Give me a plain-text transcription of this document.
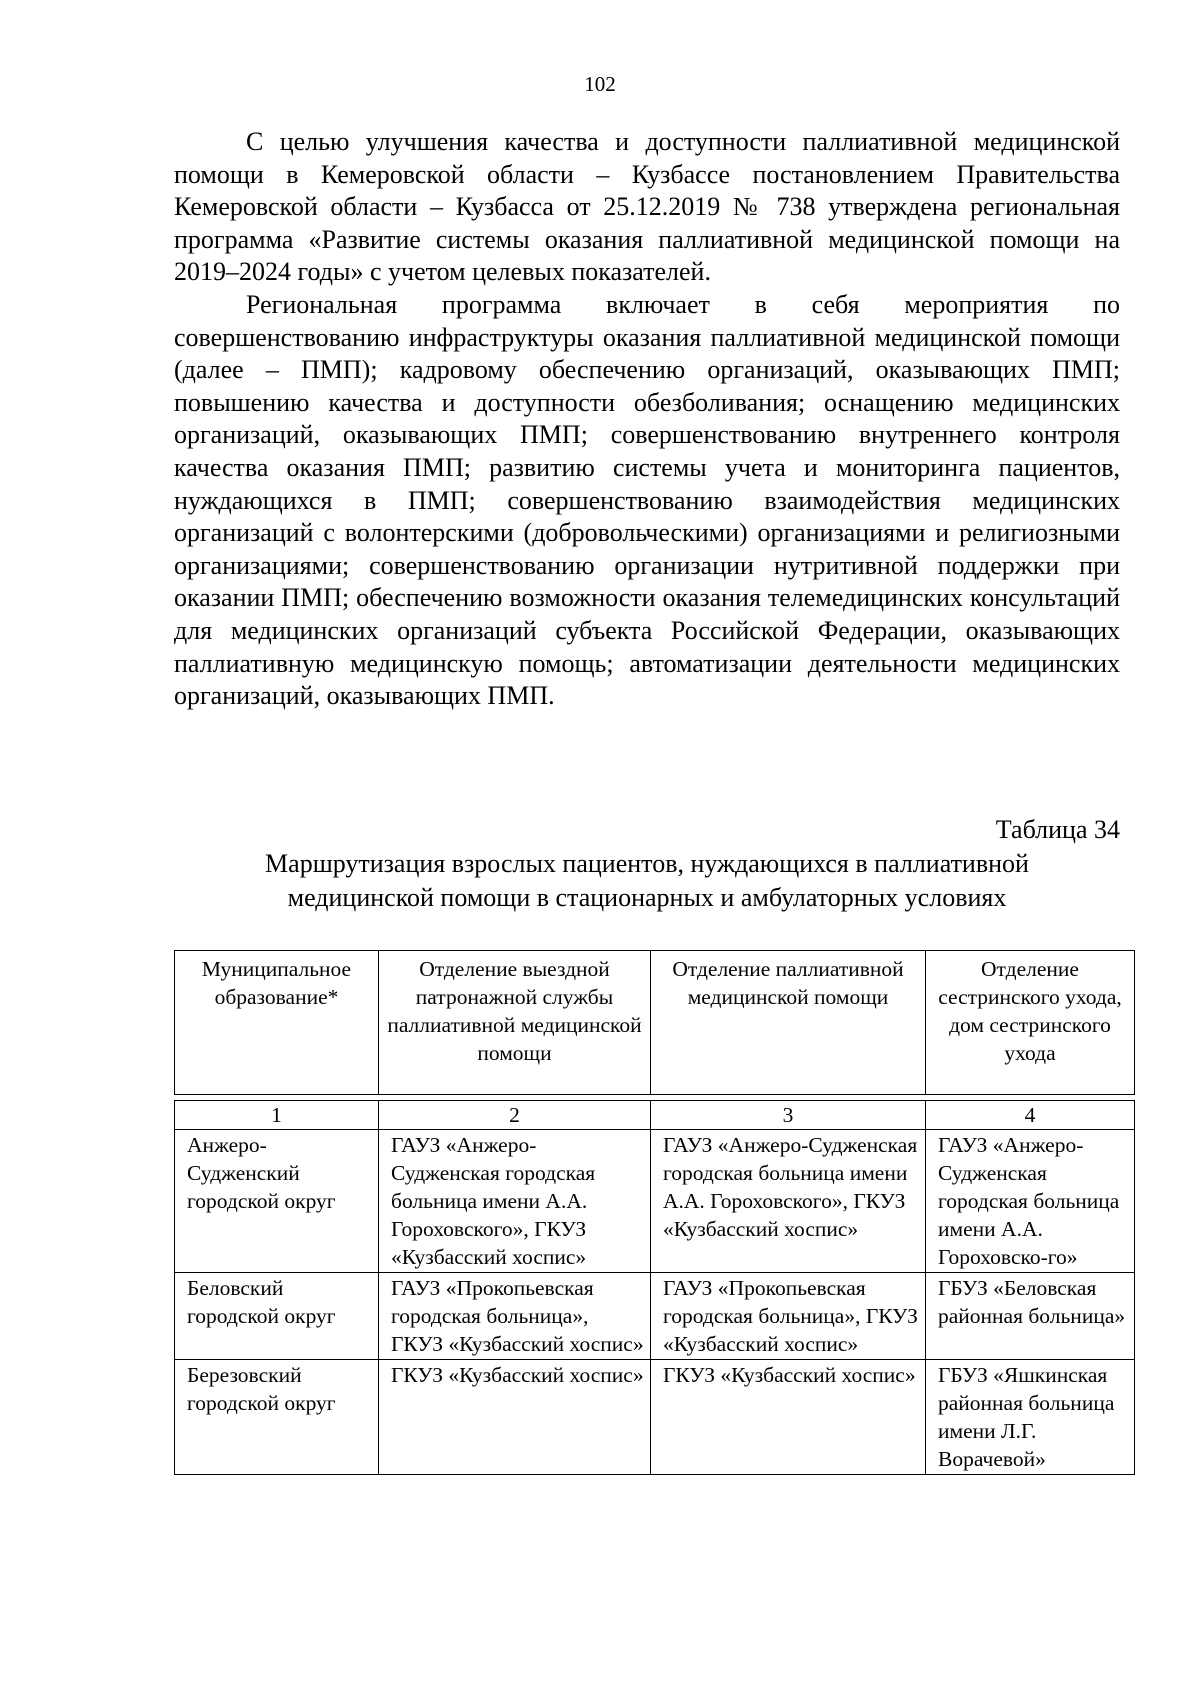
102

С целью улучшения качества и доступности паллиативной медицинской помощи в Кемеровской области – Кузбассе постановлением Правительства Кемеровской области – Кузбасса от 25.12.2019 № 738 утверждена региональная программа «Развитие системы оказания паллиативной медицинской помощи на 2019–2024 годы» с учетом целевых показателей.

Региональная программа включает в себя мероприятия по совершенствованию инфраструктуры оказания паллиативной медицинской помощи (далее – ПМП); кадровому обеспечению организаций, оказывающих ПМП; повышению качества и доступности обезболивания; оснащению медицинских организаций, оказывающих ПМП; совершенствованию внутреннего контроля качества оказания ПМП; развитию системы учета и мониторинга пациентов, нуждающихся в ПМП; совершенствованию взаимодействия медицинских организаций с волонтерскими (добровольческими) организациями и религиозными организациями; совершенствованию организации нутритивной поддержки при оказании ПМП; обеспечению возможности оказания телемедицинских консультаций для медицинских организаций субъекта Российской Федерации, оказывающих паллиативную медицинскую помощь; автоматизации деятельности медицинских организаций, оказывающих ПМП.

Таблица 34
Маршрутизация взрослых пациентов, нуждающихся в паллиативной
медицинской помощи в стационарных и амбулаторных условиях
Муниципальное образование*	Отделение выездной патронажной службы паллиативной медицинской помощи	Отделение паллиативной медицинской помощи	Отделение сестринского ухода, дом сестринского ухода
1	2	3	4
Анжеро-Судженский городской округ	ГАУЗ «Анжеро-Судженская городская больница имени А.А. Гороховского», ГКУЗ «Кузбасский хоспис»	ГАУЗ «Анжеро-Судженская городская больница имени А.А. Гороховского», ГКУЗ «Кузбасский хоспис»	ГАУЗ «Анжеро-Судженская городская больница имени А.А. Гороховско-го»
Беловский городской округ	ГАУЗ «Прокопьевская городская больница», ГКУЗ «Кузбасский хоспис»	ГАУЗ «Прокопьевская городская больница», ГКУЗ «Кузбасский хоспис»	ГБУЗ «Беловская районная больница»
Березовский городской округ	ГКУЗ «Кузбасский хоспис»	ГКУЗ «Кузбасский хоспис»	ГБУЗ «Яшкинская районная больница имени Л.Г. Ворачевой»
